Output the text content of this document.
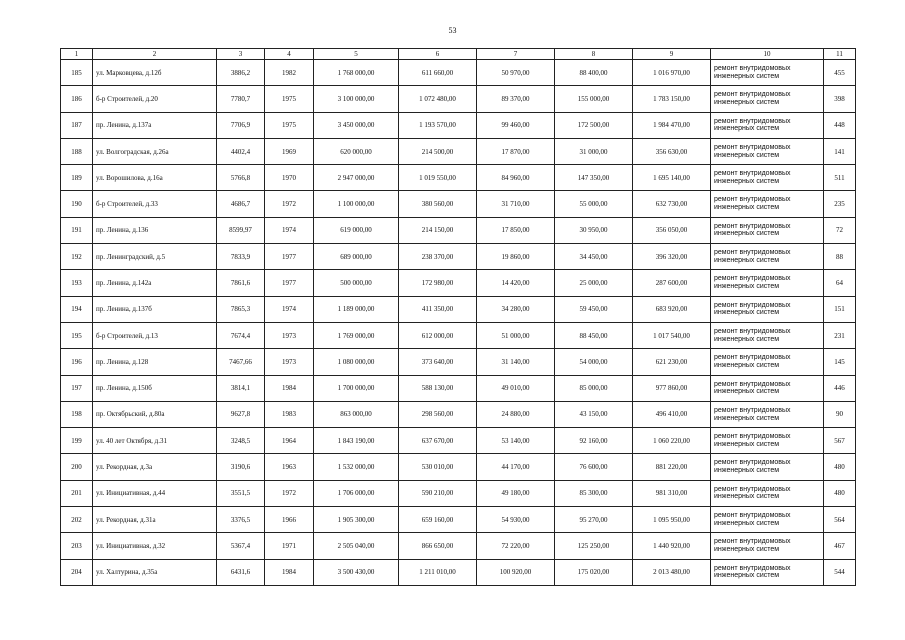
53
1	2	3	4	5	6	7	8	9	10	11
185	ул. Марковцева, д.12б	3886,2	1982	1 768 000,00	611 660,00	50 970,00	88 400,00	1 016 970,00	ремонт внутридомовых инженерных систем	455
186	б-р Строителей, д.20	7780,7	1975	3 100 000,00	1 072 480,00	89 370,00	155 000,00	1 783 150,00	ремонт внутридомовых инженерных систем	398
187	пр. Ленина, д.137а	7706,9	1975	3 450 000,00	1 193 570,00	99 460,00	172 500,00	1 984 470,00	ремонт внутридомовых инженерных систем	448
188	ул. Волгоградская, д.26а	4402,4	1969	620 000,00	214 500,00	17 870,00	31 000,00	356 630,00	ремонт внутридомовых инженерных систем	141
189	ул. Ворошилова, д.16а	5766,8	1970	2 947 000,00	1 019 550,00	84 960,00	147 350,00	1 695 140,00	ремонт внутридомовых инженерных систем	511
190	б-р Строителей, д.33	4686,7	1972	1 100 000,00	380 560,00	31 710,00	55 000,00	632 730,00	ремонт внутридомовых инженерных систем	235
191	пр. Ленина, д.136	8599,97	1974	619 000,00	214 150,00	17 850,00	30 950,00	356 050,00	ремонт внутридомовых инженерных систем	72
192	пр. Ленинградский, д.5	7833,9	1977	689 000,00	238 370,00	19 860,00	34 450,00	396 320,00	ремонт внутридомовых инженерных систем	88
193	пр. Ленина, д.142а	7861,6	1977	500 000,00	172 980,00	14 420,00	25 000,00	287 600,00	ремонт внутридомовых инженерных систем	64
194	пр. Ленина, д.137б	7865,3	1974	1 189 000,00	411 350,00	34 280,00	59 450,00	683 920,00	ремонт внутридомовых инженерных систем	151
195	б-р Строителей, д.13	7674,4	1973	1 769 000,00	612 000,00	51 000,00	88 450,00	1 017 540,00	ремонт внутридомовых инженерных систем	231
196	пр. Ленина, д.128	7467,66	1973	1 080 000,00	373 640,00	31 140,00	54 000,00	621 230,00	ремонт внутридомовых инженерных систем	145
197	пр. Ленина, д.150б	3814,1	1984	1 700 000,00	588 130,00	49 010,00	85 000,00	977 860,00	ремонт внутридомовых инженерных систем	446
198	пр. Октябрьский, д.80а	9627,8	1983	863 000,00	298 560,00	24 880,00	43 150,00	496 410,00	ремонт внутридомовых инженерных систем	90
199	ул. 40 лет Октября, д.31	3248,5	1964	1 843 190,00	637 670,00	53 140,00	92 160,00	1 060 220,00	ремонт внутридомовых инженерных систем	567
200	ул. Рекордная, д.3а	3190,6	1963	1 532 000,00	530 010,00	44 170,00	76 600,00	881 220,00	ремонт внутридомовых инженерных систем	480
201	ул. Инициативная, д.44	3551,5	1972	1 706 000,00	590 210,00	49 180,00	85 300,00	981 310,00	ремонт внутридомовых инженерных систем	480
202	ул. Рекордная, д.31а	3376,5	1966	1 905 300,00	659 160,00	54 930,00	95 270,00	1 095 950,00	ремонт внутридомовых инженерных систем	564
203	ул. Инициативная, д.32	5367,4	1971	2 505 040,00	866 650,00	72 220,00	125 250,00	1 440 920,00	ремонт внутридомовых инженерных систем	467
204	ул. Халтурина, д.35а	6431,6	1984	3 500 430,00	1 211 010,00	100 920,00	175 020,00	2 013 480,00	ремонт внутридомовых инженерных систем	544
